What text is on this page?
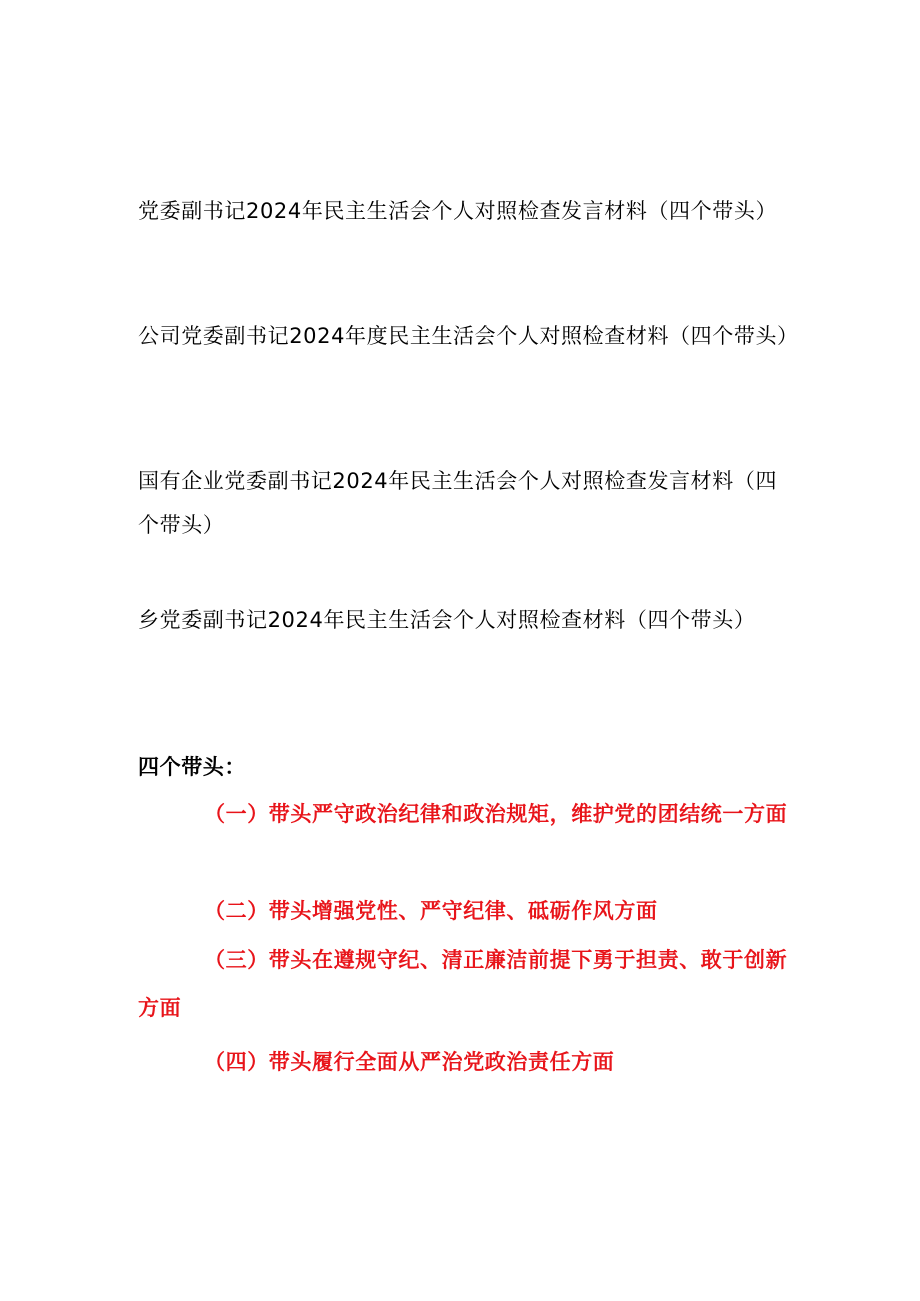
党委副书记2024年民主生活会个人对照检查发言材料（四个带头）

公司党委副书记2024年度民主生活会个人对照检查材料（四个带头）

国有企业党委副书记2024年民主生活会个人对照检查发言材料（四个带头）

乡党委副书记2024年民主生活会个人对照检查材料（四个带头）

四个带头：

（一）带头严守政治纪律和政治规矩，维护党的团结统一方面

（二）带头增强党性、严守纪律、砥砺作风方面

（三）带头在遵规守纪、清正廉洁前提下勇于担责、敢于创新方面

（四）带头履行全面从严治党政治责任方面
